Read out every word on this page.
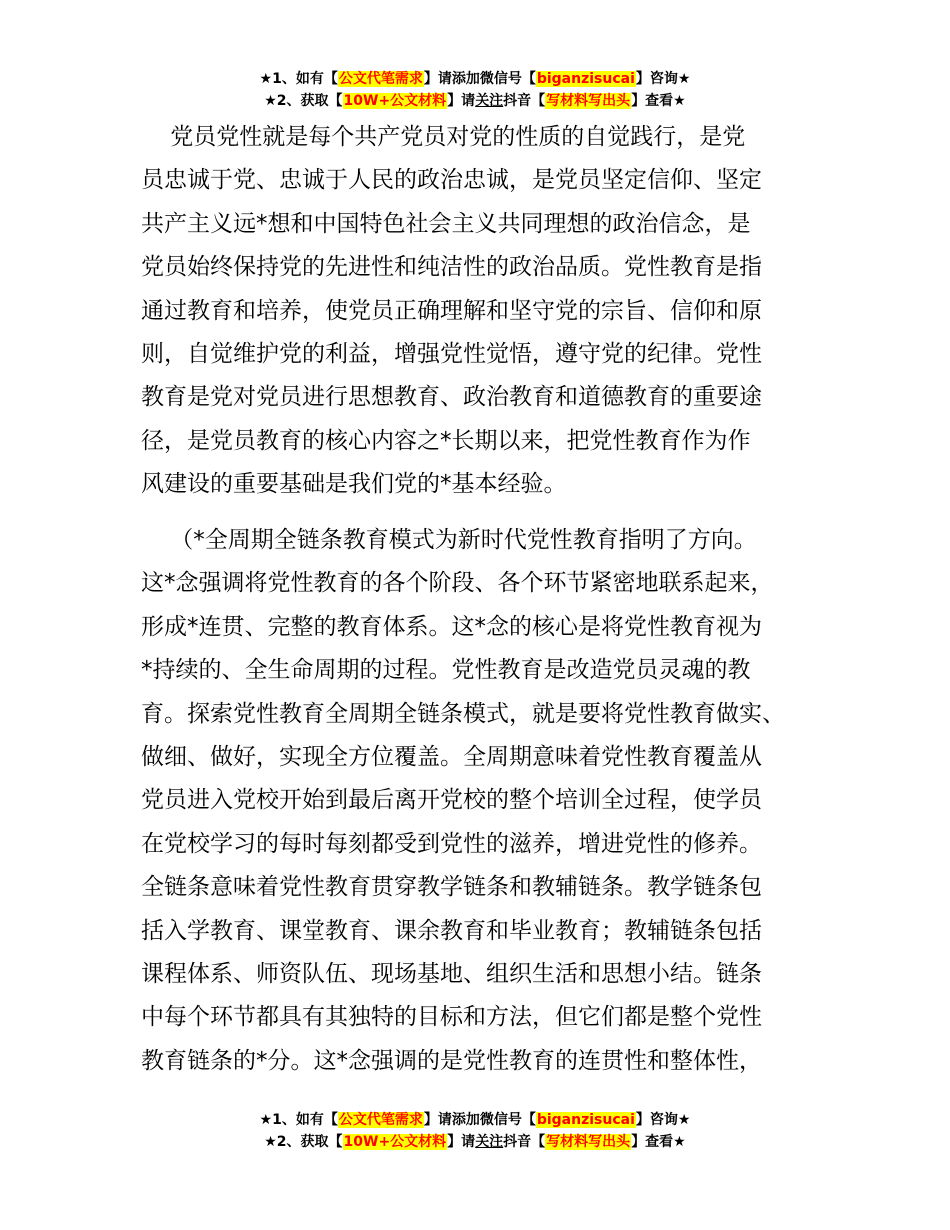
★1、如有【公文代笔需求】请添加微信号【biganzisucai】咨询★
★2、获取【10W+公文材料】请关注抖音【写材料写出头】查看★
党员党性就是每个共产党员对党的性质的自觉践行，是党
员忠诚于党、忠诚于人民的政治忠诚，是党员坚定信仰、坚定
共产主义远*想和中国特色社会主义共同理想的政治信念，是
党员始终保持党的先进性和纯洁性的政治品质。党性教育是指
通过教育和培养，使党员正确理解和坚守党的宗旨、信仰和原
则，自觉维护党的利益，增强党性觉悟，遵守党的纪律。党性
教育是党对党员进行思想教育、政治教育和道德教育的重要途
径，是党员教育的核心内容之*长期以来，把党性教育作为作
风建设的重要基础是我们党的*基本经验。
（*全周期全链条教育模式为新时代党性教育指明了方向。
这*念强调将党性教育的各个阶段、各个环节紧密地联系起来，
形成*连贯、完整的教育体系。这*念的核心是将党性教育视为
*持续的、全生命周期的过程。党性教育是改造党员灵魂的教
育。探索党性教育全周期全链条模式，就是要将党性教育做实、
做细、做好，实现全方位覆盖。全周期意味着党性教育覆盖从
党员进入党校开始到最后离开党校的整个培训全过程，使学员
在党校学习的每时每刻都受到党性的滋养，增进党性的修养。
全链条意味着党性教育贯穿教学链条和教辅链条。教学链条包
括入学教育、课堂教育、课余教育和毕业教育；教辅链条包括
课程体系、师资队伍、现场基地、组织生活和思想小结。链条
中每个环节都具有其独特的目标和方法，但它们都是整个党性
教育链条的*分。这*念强调的是党性教育的连贯性和整体性，
★1、如有【公文代笔需求】请添加微信号【biganzisucai】咨询★
★2、获取【10W+公文材料】请关注抖音【写材料写出头】查看★
